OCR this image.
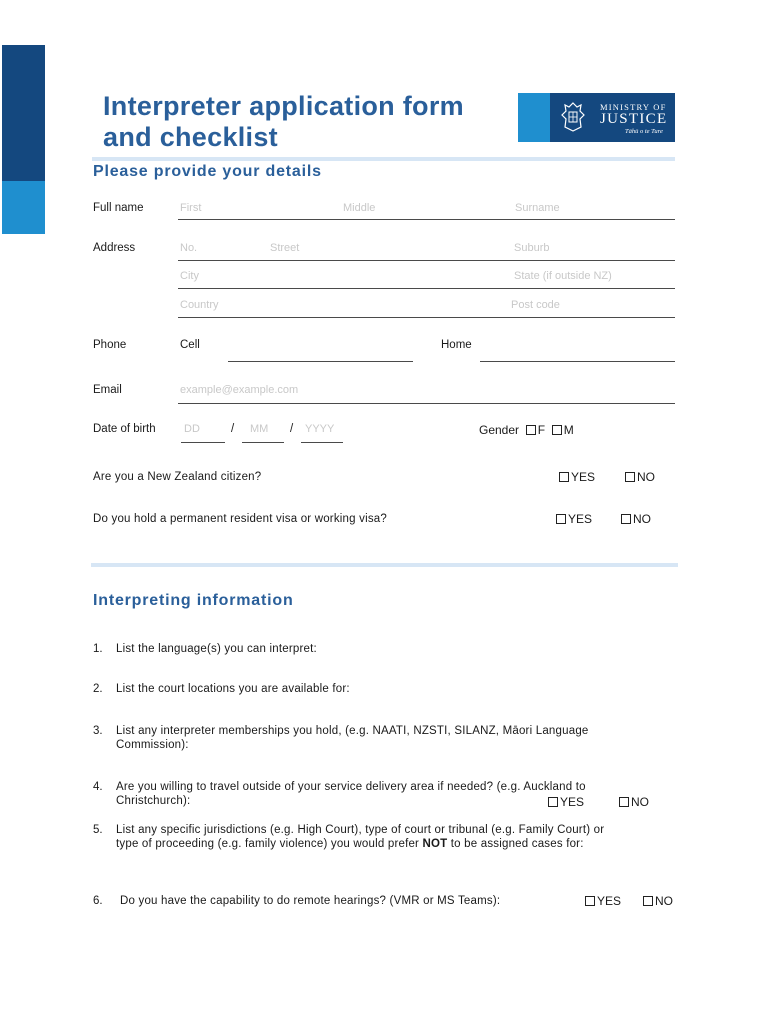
Interpreter application form
and checklist
MINISTRY OF
JUSTICE
Tāhū o te Ture
Please provide your details
Full name	First	Middle	Surname
Address	No.	Street	Suburb
City	State (if outside NZ)
Country	Post code
Phone	Cell	Home
Email	example@example.com
Date of birth	DD	/ MM / YYYY	Gender F M
Are you a New Zealand citizen?	YES	NO
Do you hold a permanent resident visa or working visa?	YES	NO
Interpreting information
1. List the language(s) you can interpret:
2. List the court locations you are available for:
3. List any interpreter memberships you hold, (e.g. NAATI, NZSTI, SILANZ, Māori Language
Commission):
4. Are you willing to travel outside of your service delivery area if needed? (e.g. Auckland to
Christchurch):	YES	NO
5. List any specific jurisdictions (e.g. High Court), type of court or tribunal (e.g. Family Court) or
type of proceeding (e.g. family violence) you would prefer NOT to be assigned cases for:
6. Do you have the capability to do remote hearings? (VMR or MS Teams):	YES	NO
